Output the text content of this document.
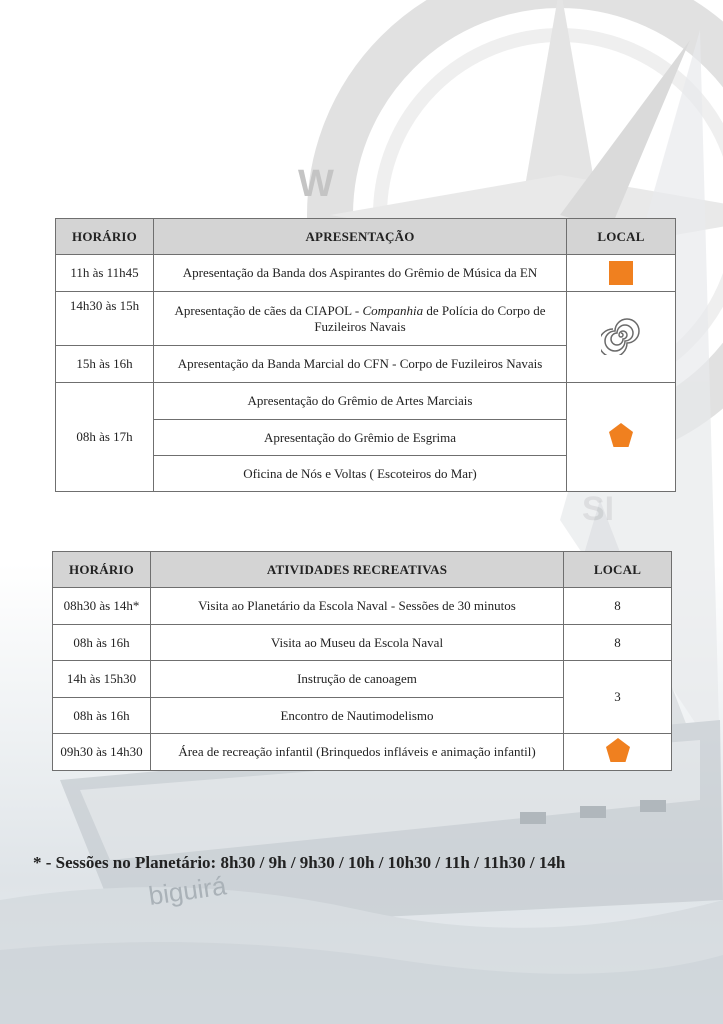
W
biguirá
HORÁRIO	APRESENTAÇÃO	LOCAL
11h às 11h45	Apresentação da Banda dos Aspirantes do Grêmio de Música da EN	
14h30 às 15h	Apresentação de cães da CIAPOL - Companhia de Polícia do Corpo de Fuzileiros Navais	
15h às 16h	Apresentação da Banda Marcial do CFN - Corpo de Fuzileiros Navais	
08h às 17h	Apresentação do Grêmio de Artes Marciais	
	Apresentação do Grêmio de Esgrima	
	Oficina de Nós e Voltas ( Escoteiros do Mar)	
HORÁRIO	ATIVIDADES RECREATIVAS	LOCAL
08h30 às 14h*	Visita ao Planetário da Escola Naval - Sessões de 30 minutos	8
08h às 16h	Visita ao Museu da Escola Naval	8
14h às 15h30	Instrução de canoagem	3
08h às 16h	Encontro de Nautimodelismo	
09h30 às 14h30	Área de recreação infantil (Brinquedos infláveis e animação infantil)	
* - Sessões no Planetário: 8h30 / 9h / 9h30 / 10h / 10h30 / 11h / 11h30 / 14h
